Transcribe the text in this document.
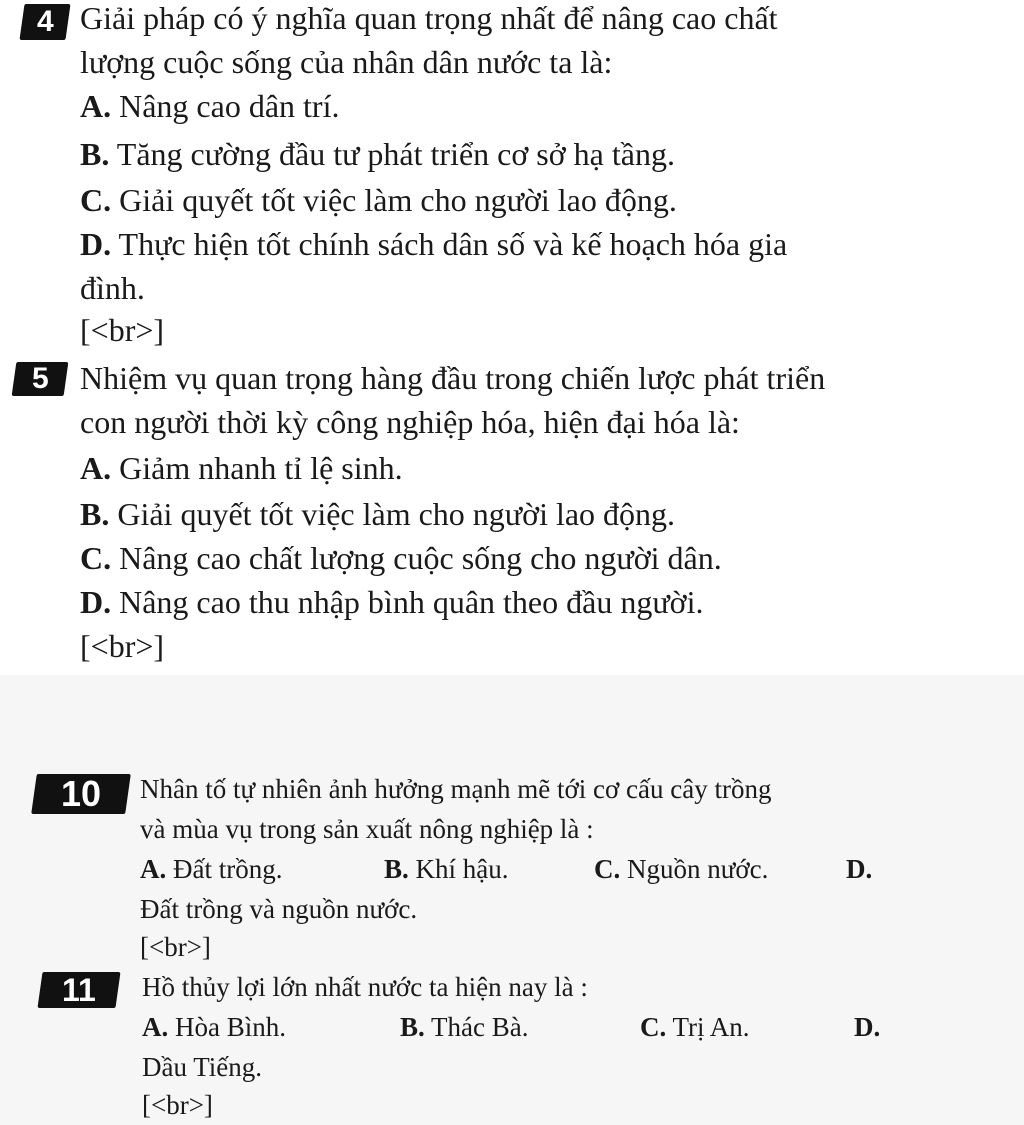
4 Giải pháp có ý nghĩa quan trọng nhất để nâng cao chất
lượng cuộc sống của nhân dân nước ta là:
A. Nâng cao dân trí.
B. Tăng cường đầu tư phát triển cơ sở hạ tầng.
C. Giải quyết tốt việc làm cho người lao động.
D. Thực hiện tốt chính sách dân số và kế hoạch hóa gia
đình.
[<br>]
5 Nhiệm vụ quan trọng hàng đầu trong chiến lược phát triển
con người thời kỳ công nghiệp hóa, hiện đại hóa là:
A. Giảm nhanh tỉ lệ sinh.
B. Giải quyết tốt việc làm cho người lao động.
C. Nâng cao chất lượng cuộc sống cho người dân.
D. Nâng cao thu nhập bình quân theo đầu người.
[<br>]
10	Nhân tố tự nhiên ảnh hưởng mạnh mẽ tới cơ cấu cây trồng
và mùa vụ trong sản xuất nông nghiệp là :
A. Đất trồng.	B. Khí hậu.	C. Nguồn nước.	D.
Đất trồng và nguồn nước.
[<br>]
11	Hồ thủy lợi lớn nhất nước ta hiện nay là :
A. Hòa Bình.	B. Thác Bà.	C. Trị An.	D.
Dầu Tiếng.
[<br>]
